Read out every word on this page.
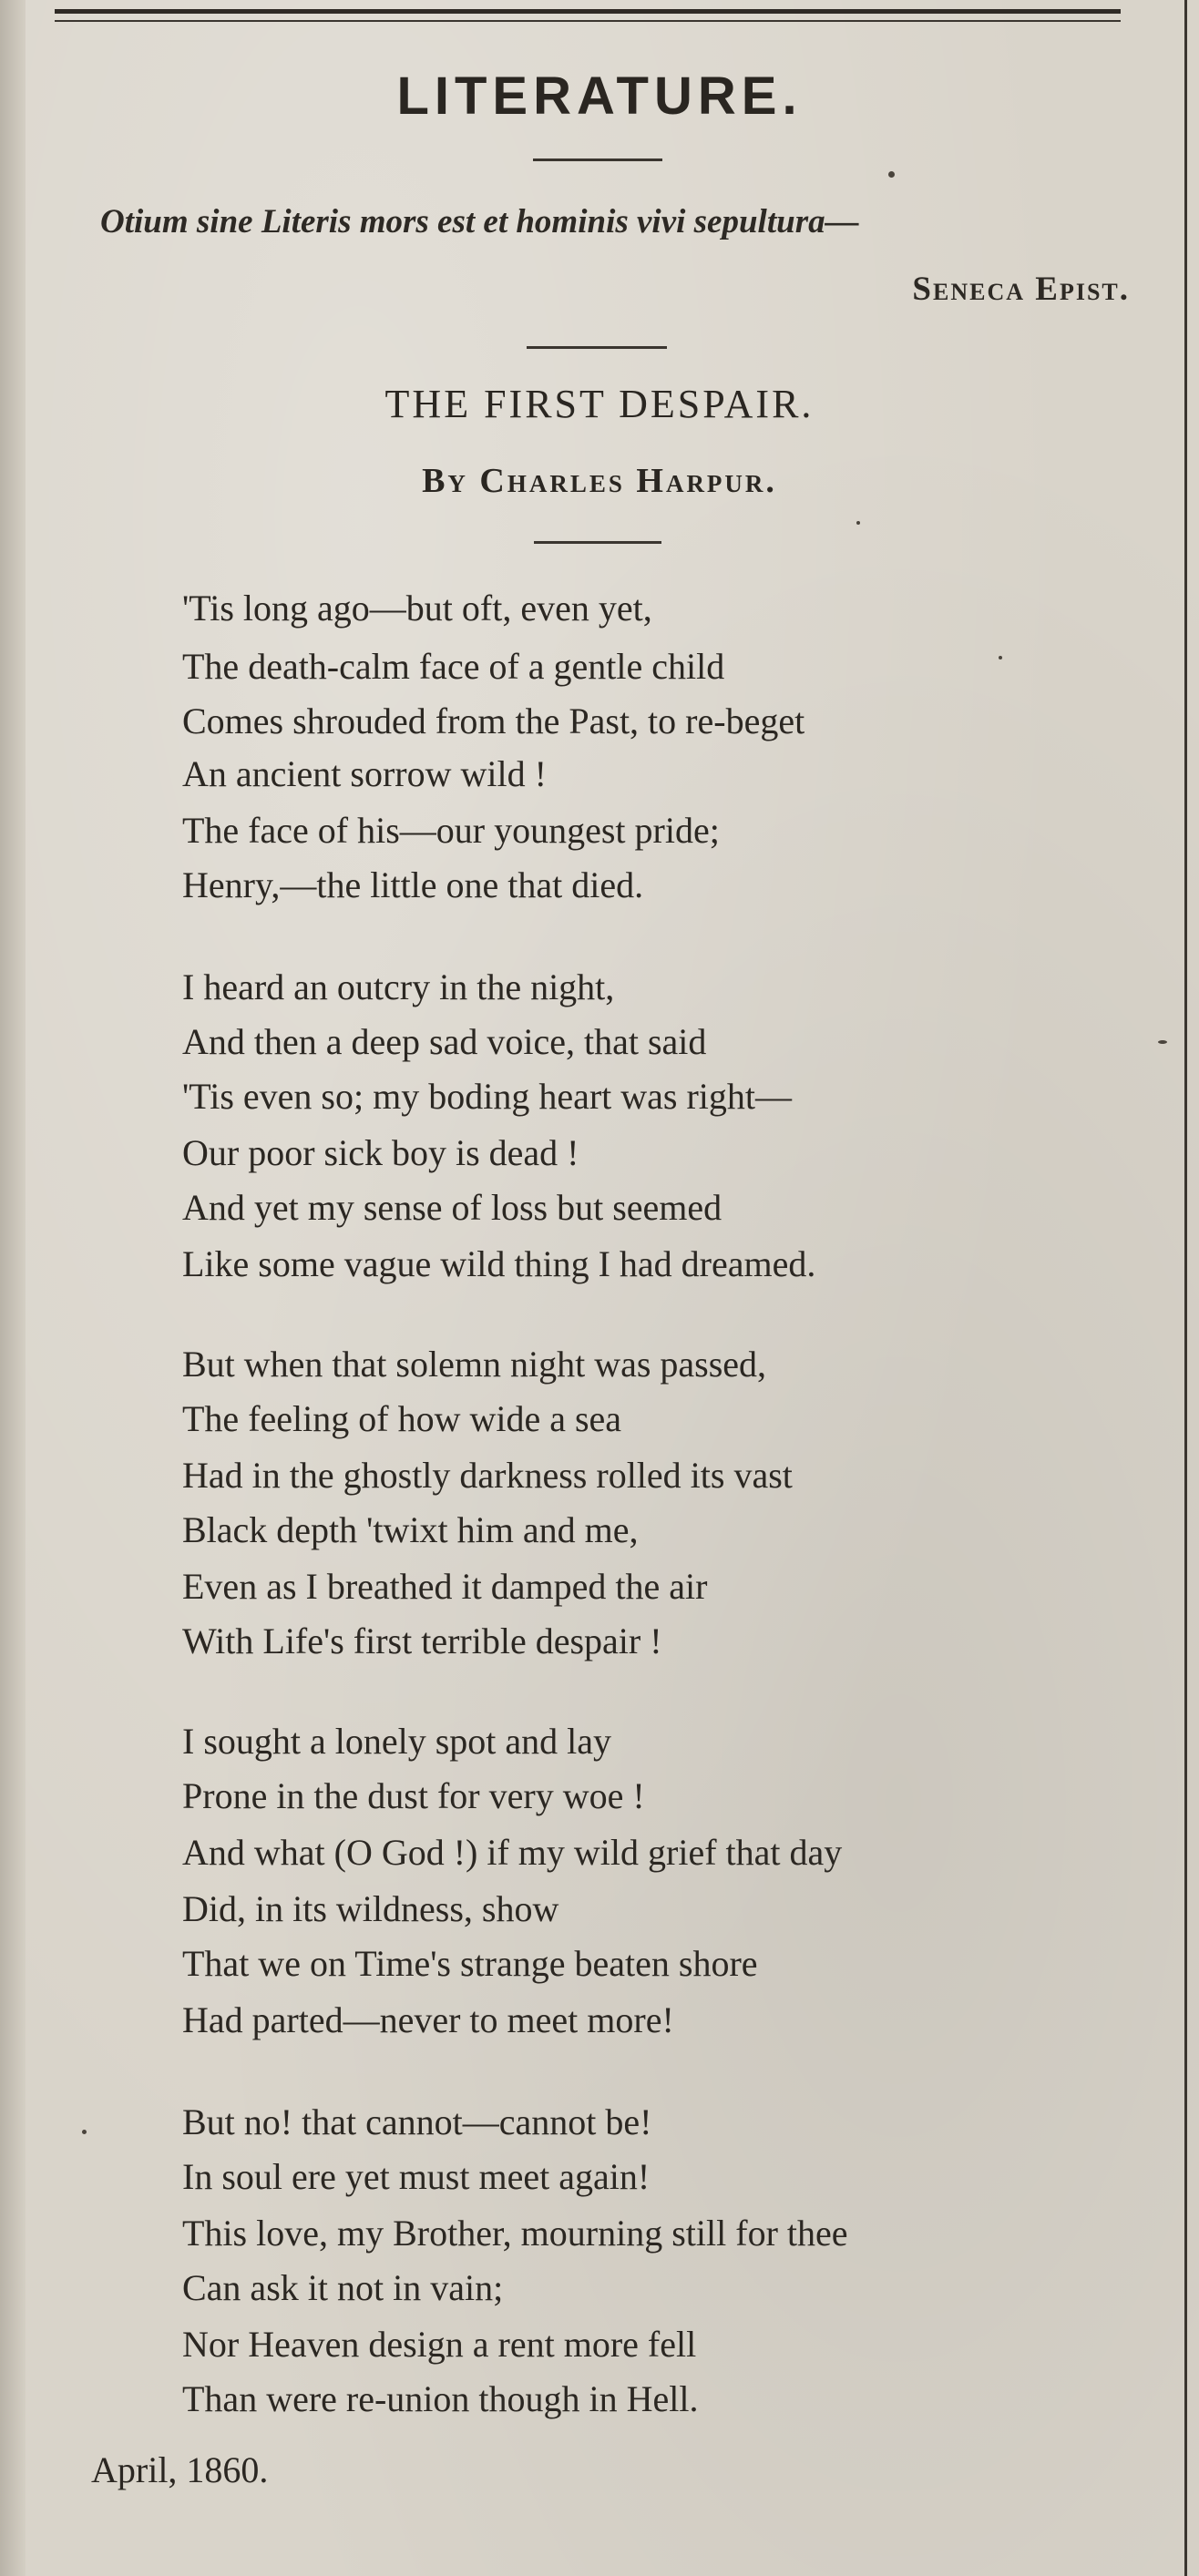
LITERATURE.
Otium sine Literis mors est et hominis vivi sepultura—
Seneca Epist.
THE FIRST DESPAIR.
By Charles Harpur.
'Tis long ago—but oft, even yet,
The death-calm face of a gentle child
Comes shrouded from the Past, to re-beget
An ancient sorrow wild !
The face of his—our youngest pride;
Henry,—the little one that died.
I heard an outcry in the night,
And then a deep sad voice, that said
'Tis even so; my boding heart was right—
Our poor sick boy is dead !
And yet my sense of loss but seemed
Like some vague wild thing I had dreamed.
But when that solemn night was passed,
The feeling of how wide a sea
Had in the ghostly darkness rolled its vast
Black depth 'twixt him and me,
Even as I breathed it damped the air
With Life's first terrible despair !
I sought a lonely spot and lay
Prone in the dust for very woe !
And what (O God !) if my wild grief that day
Did, in its wildness, show
That we on Time's strange beaten shore
Had parted—never to meet more!
But no! that cannot—cannot be!
In soul ere yet must meet again!
This love, my Brother, mourning still for thee
Can ask it not in vain;
Nor Heaven design a rent more fell
Than were re-union though in Hell.
April, 1860.
